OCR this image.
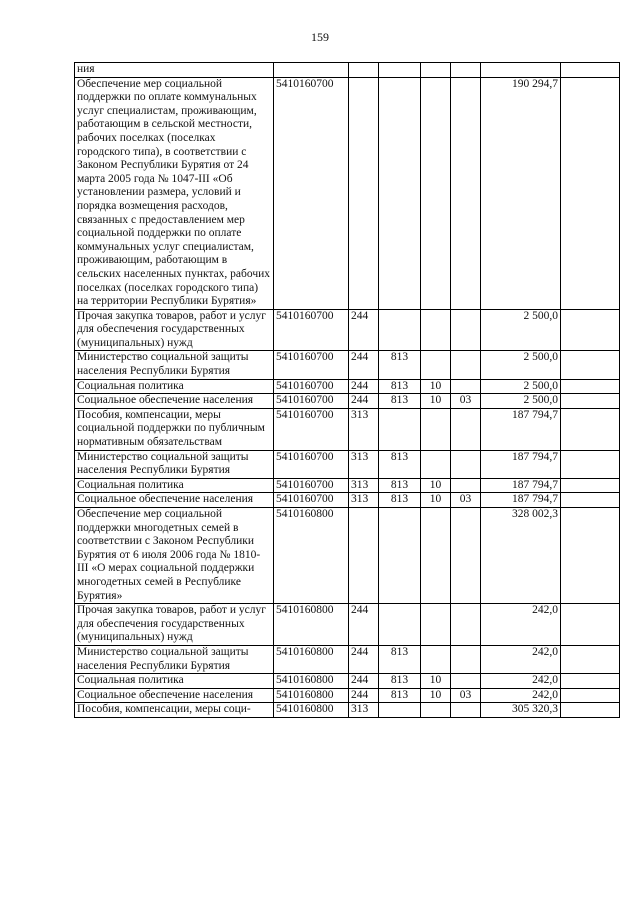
159
ния							
Обеспечение мер социальной поддержки по оплате коммунальных услуг специалистам, проживающим, работающим в сельской местности, рабочих поселках (поселках городского типа), в соответствии с Законом Республики Бурятия от 24 марта 2005 года № 1047-III «Об установлении размера, условий и порядка возмещения расходов, связанных с предоставлением мер социальной поддержки по оплате коммунальных услуг специалистам, проживающим, работающим в сельских населенных пунктах, рабочих поселках (поселках городского типа) на территории Республики Бурятия»	5410160700					190 294,7	
Прочая закупка товаров, работ и услуг для обеспечения государственных (муниципальных) нужд	5410160700	244				2 500,0	
Министерство социальной защиты населения Республики Бурятия	5410160700	244	813			2 500,0	
Социальная политика	5410160700	244	813	10		2 500,0	
Социальное обеспечение населения	5410160700	244	813	10	03	2 500,0	
Пособия, компенсации, меры социальной поддержки по публичным нормативным обязательствам	5410160700	313				187 794,7	
Министерство социальной защиты населения Республики Бурятия	5410160700	313	813			187 794,7	
Социальная политика	5410160700	313	813	10		187 794,7	
Социальное обеспечение населения	5410160700	313	813	10	03	187 794,7	
Обеспечение мер социальной поддержки многодетных семей в соответствии с Законом Республики Бурятия от 6 июля 2006 года № 1810-III «О мерах социальной поддержки многодетных семей в Республике Бурятия»	5410160800					328 002,3	
Прочая закупка товаров, работ и услуг для обеспечения государственных (муниципальных) нужд	5410160800	244				242,0	
Министерство социальной защиты населения Республики Бурятия	5410160800	244	813			242,0	
Социальная политика	5410160800	244	813	10		242,0	
Социальное обеспечение населения	5410160800	244	813	10	03	242,0	
Пособия, компенсации, меры соци-	5410160800	313				305 320,3	
